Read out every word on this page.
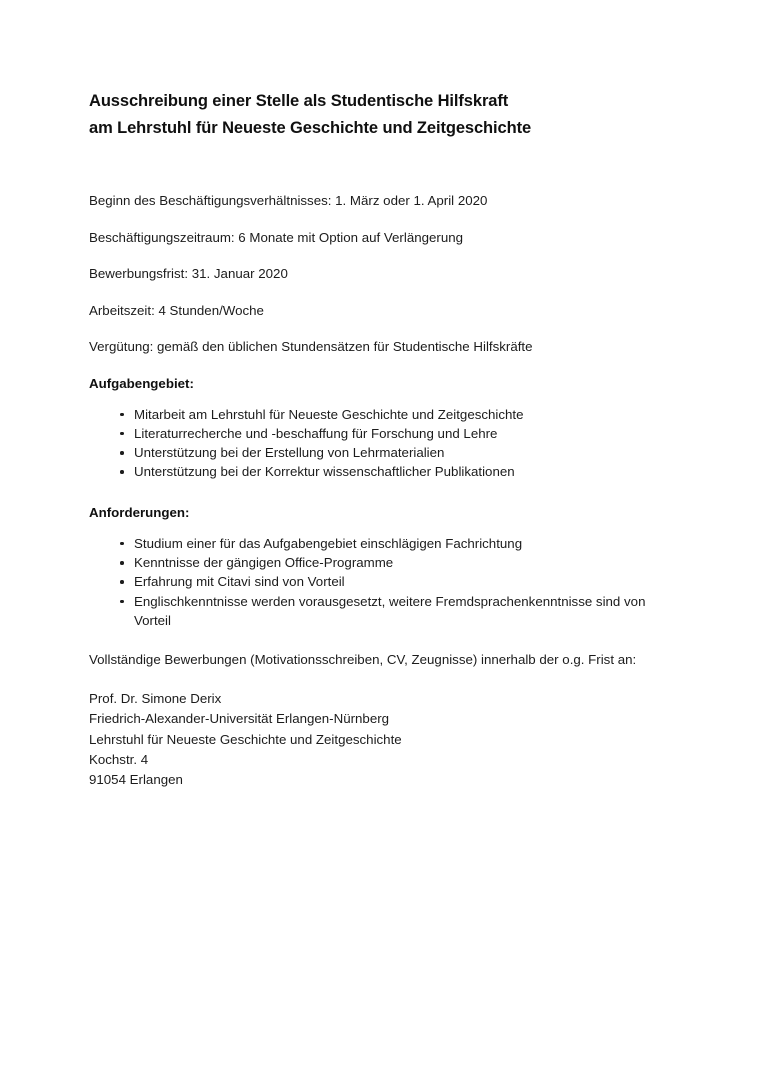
Ausschreibung einer Stelle als Studentische Hilfskraft
am Lehrstuhl für Neueste Geschichte und Zeitgeschichte

Beginn des Beschäftigungsverhältnisses: 1. März oder 1. April 2020

Beschäftigungszeitraum: 6 Monate mit Option auf Verlängerung

Bewerbungsfrist: 31. Januar 2020

Arbeitszeit: 4 Stunden/Woche

Vergütung: gemäß den üblichen Stundensätzen für Studentische Hilfskräfte

Aufgabengebiet:
Mitarbeit am Lehrstuhl für Neueste Geschichte und Zeitgeschichte
Literaturrecherche und -beschaffung für Forschung und Lehre
Unterstützung bei der Erstellung von Lehrmaterialien
Unterstützung bei der Korrektur wissenschaftlicher Publikationen
Anforderungen:
Studium einer für das Aufgabengebiet einschlägigen Fachrichtung
Kenntnisse der gängigen Office-Programme
Erfahrung mit Citavi sind von Vorteil
Englischkenntnisse werden vorausgesetzt, weitere Fremdsprachenkenntnisse sind von Vorteil

Vollständige Bewerbungen (Motivationsschreiben, CV, Zeugnisse) innerhalb der o.g. Frist an:

Prof. Dr. Simone Derix
Friedrich-Alexander-Universität Erlangen-Nürnberg
Lehrstuhl für Neueste Geschichte und Zeitgeschichte
Kochstr. 4
91054 Erlangen
